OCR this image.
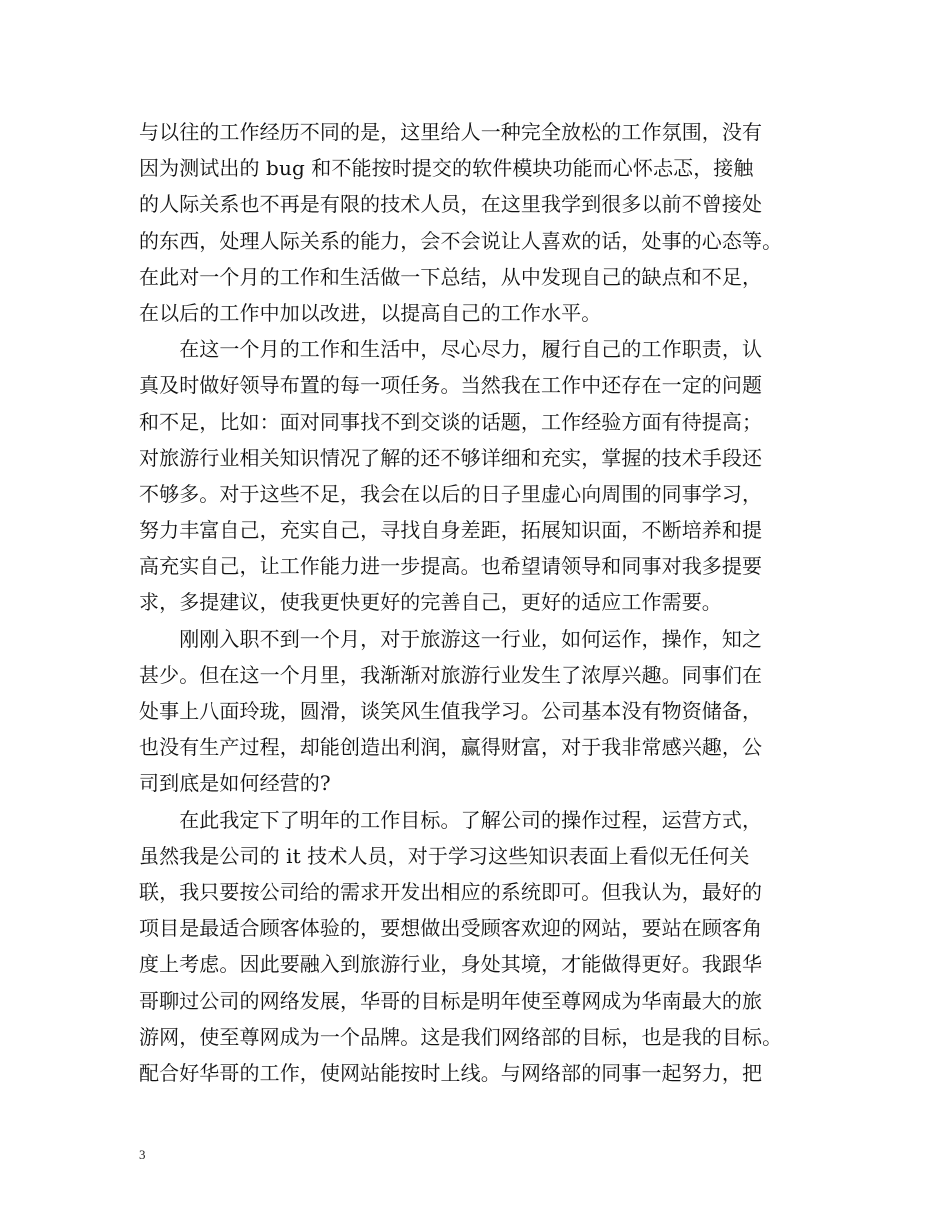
与以往的工作经历不同的是，这里给人一种完全放松的工作氛围，没有
因为测试出的 bug 和不能按时提交的软件模块功能而心怀忐忑，接触
的人际关系也不再是有限的技术人员，在这里我学到很多以前不曾接处
的东西，处理人际关系的能力，会不会说让人喜欢的话，处事的心态等。
在此对一个月的工作和生活做一下总结，从中发现自己的缺点和不足，
在以后的工作中加以改进，以提高自己的工作水平。
　　在这一个月的工作和生活中，尽心尽力，履行自己的工作职责，认
真及时做好领导布置的每一项任务。当然我在工作中还存在一定的问题
和不足，比如：面对同事找不到交谈的话题，工作经验方面有待提高；
对旅游行业相关知识情况了解的还不够详细和充实，掌握的技术手段还
不够多。对于这些不足，我会在以后的日子里虚心向周围的同事学习，
努力丰富自己，充实自己，寻找自身差距，拓展知识面，不断培养和提
高充实自己，让工作能力进一步提高。也希望请领导和同事对我多提要
求，多提建议，使我更快更好的完善自己，更好的适应工作需要。
　　刚刚入职不到一个月，对于旅游这一行业，如何运作，操作，知之
甚少。但在这一个月里，我渐渐对旅游行业发生了浓厚兴趣。同事们在
处事上八面玲珑，圆滑，谈笑风生值我学习。公司基本没有物资储备，
也没有生产过程，却能创造出利润，赢得财富，对于我非常感兴趣，公
司到底是如何经营的?
　　在此我定下了明年的工作目标。了解公司的操作过程，运营方式，
虽然我是公司的 it 技术人员，对于学习这些知识表面上看似无任何关
联，我只要按公司给的需求开发出相应的系统即可。但我认为，最好的
项目是最适合顾客体验的，要想做出受顾客欢迎的网站，要站在顾客角
度上考虑。因此要融入到旅游行业，身处其境，才能做得更好。我跟华
哥聊过公司的网络发展，华哥的目标是明年使至尊网成为华南最大的旅
游网，使至尊网成为一个品牌。这是我们网络部的目标，也是我的目标。
配合好华哥的工作，使网站能按时上线。与网络部的同事一起努力，把
3
